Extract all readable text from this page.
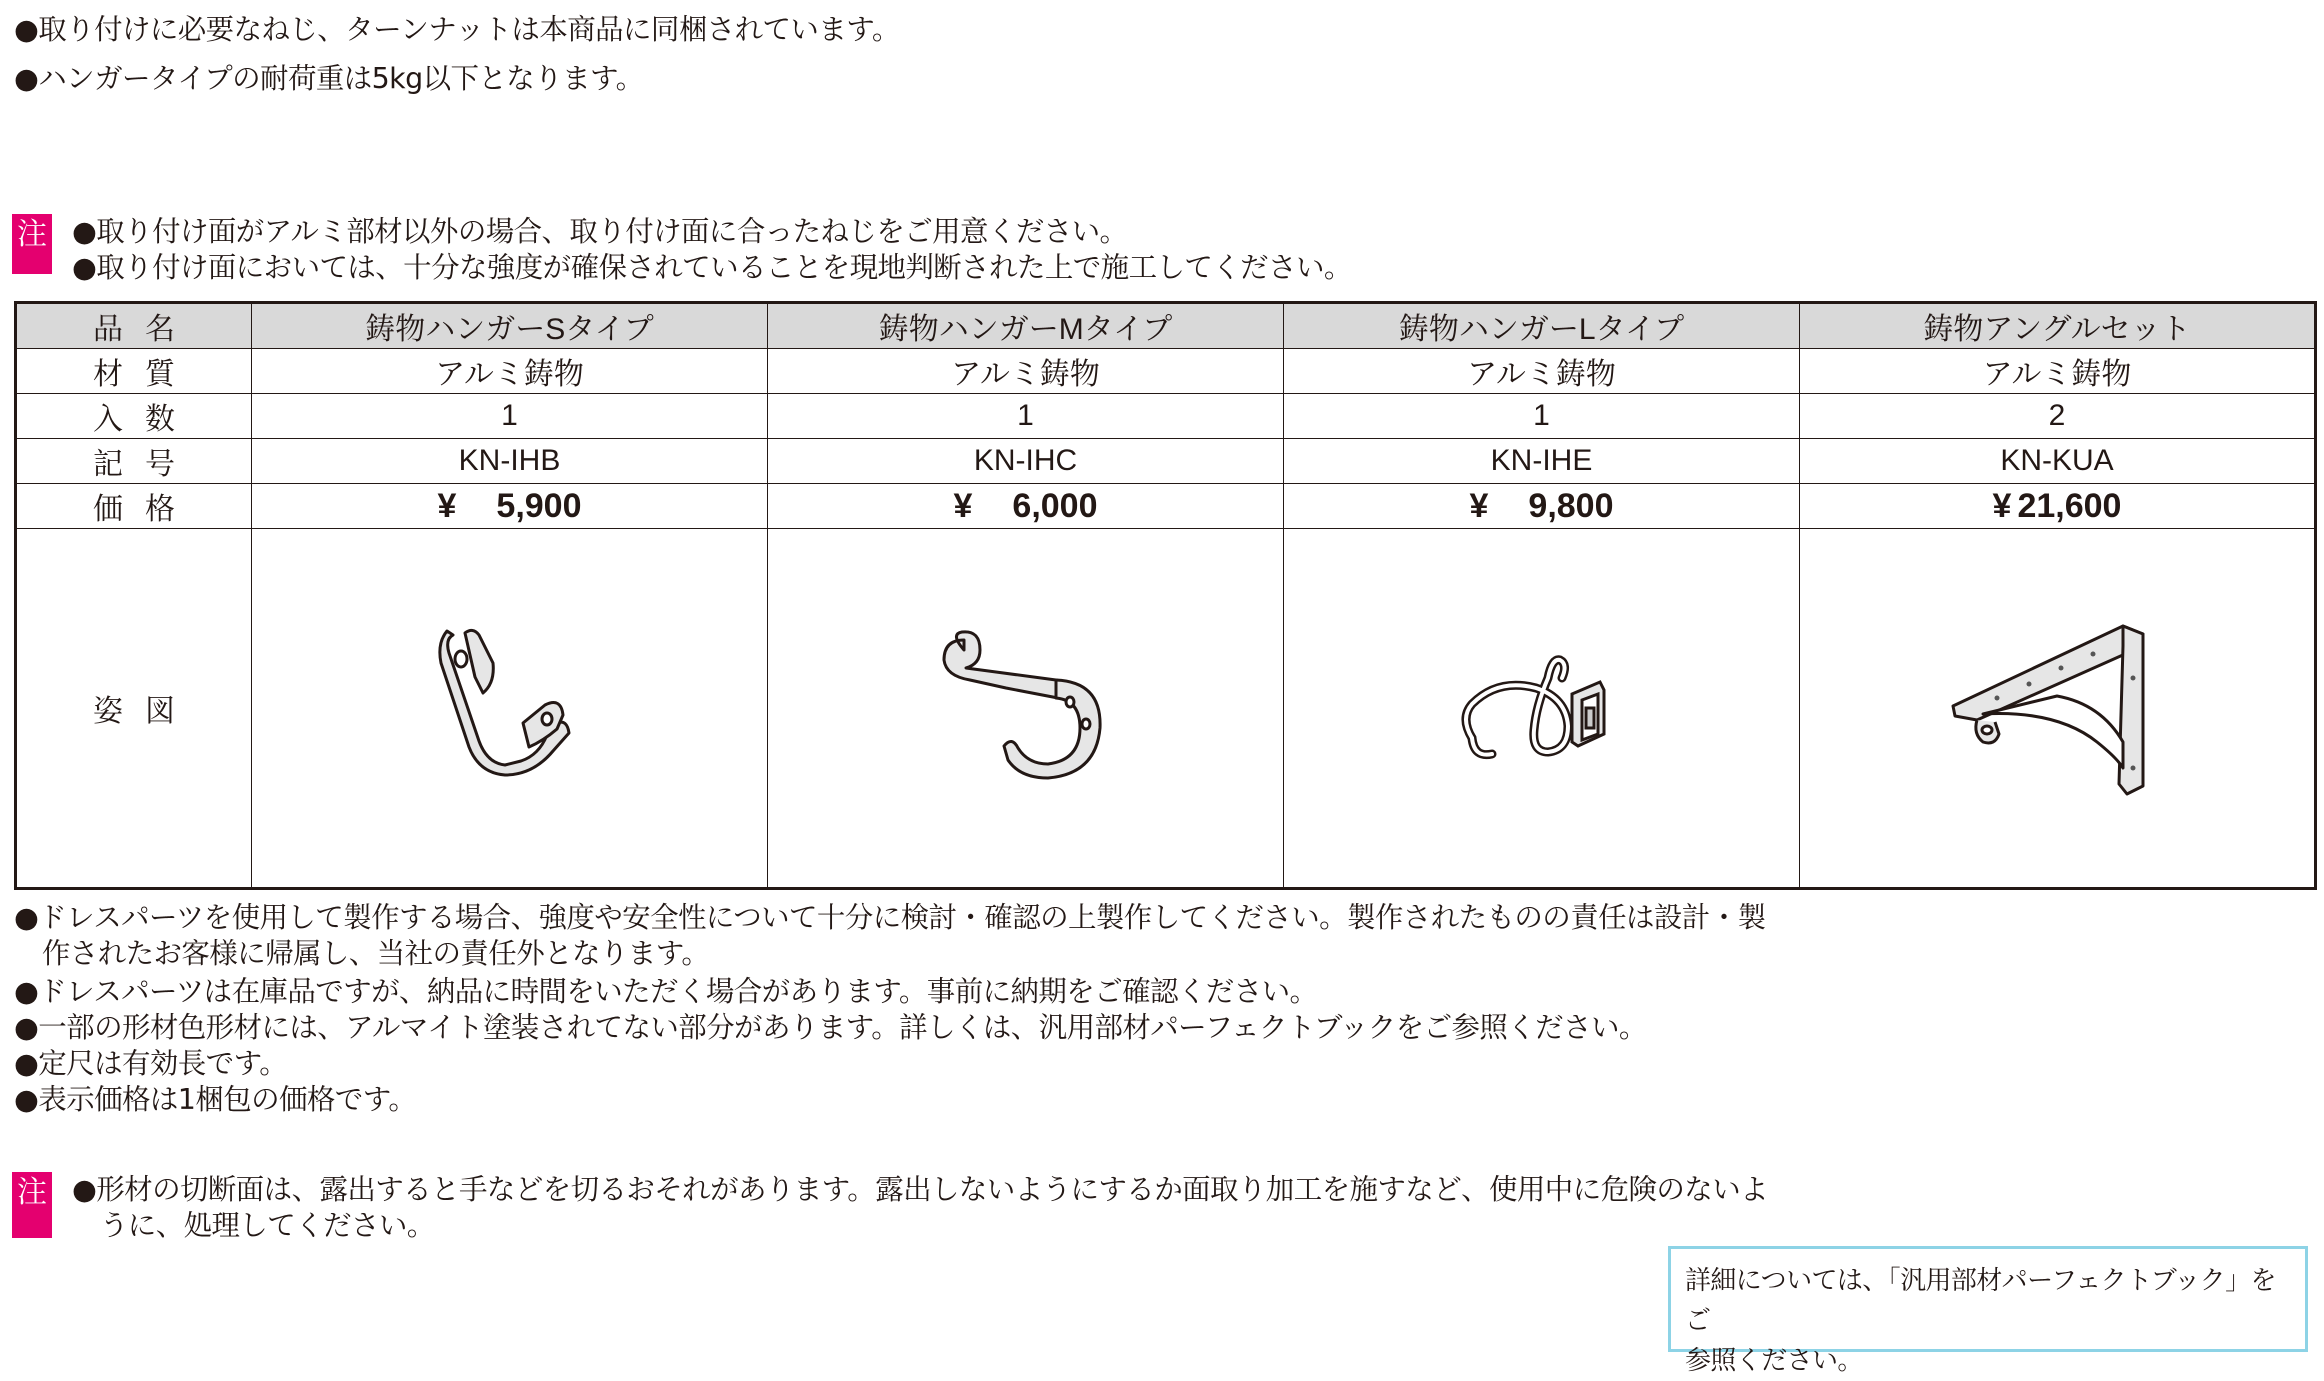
●取り付けに必要なねじ、ターンナットは本商品に同梱されています。
●ハンガータイプの耐荷重は5kg以下となります。
注 ●取り付け面がアルミ部材以外の場合、取り付け面に合ったねじをご用意ください。
●取り付け面においては、十分な強度が確保されていることを現地判断された上で施工してください。
品名	鋳物ハンガーSタイプ	鋳物ハンガーMタイプ	鋳物ハンガーLタイプ	鋳物アングルセット
材質	アルミ鋳物	アルミ鋳物	アルミ鋳物	アルミ鋳物
入数	1	1	1	2
記号	KN-IHB	KN-IHC	KN-IHE	KN-KUA
価格	¥ 5,900	¥ 6,000	¥ 9,800	¥ 21,600
姿図	

●ドレスパーツを使用して製作する場合、強度や安全性について十分に検討・確認の上製作してください。製作されたものの責任は設計・製
　作されたお客様に帰属し、当社の責任外となります。
●ドレスパーツは在庫品ですが、納品に時間をいただく場合があります。事前に納期をご確認ください。
●一部の形材色形材には、アルマイト塗装されてない部分があります。詳しくは、汎用部材パーフェクトブックをご参照ください。
●定尺は有効長です。
●表示価格は1梱包の価格です。
注 ●形材の切断面は、露出すると手などを切るおそれがあります。露出しないようにするか面取り加工を施すなど、使用中に危険のないよ
　うに、処理してください。
詳細については、「汎用部材パーフェクトブック」をご
参照ください。
